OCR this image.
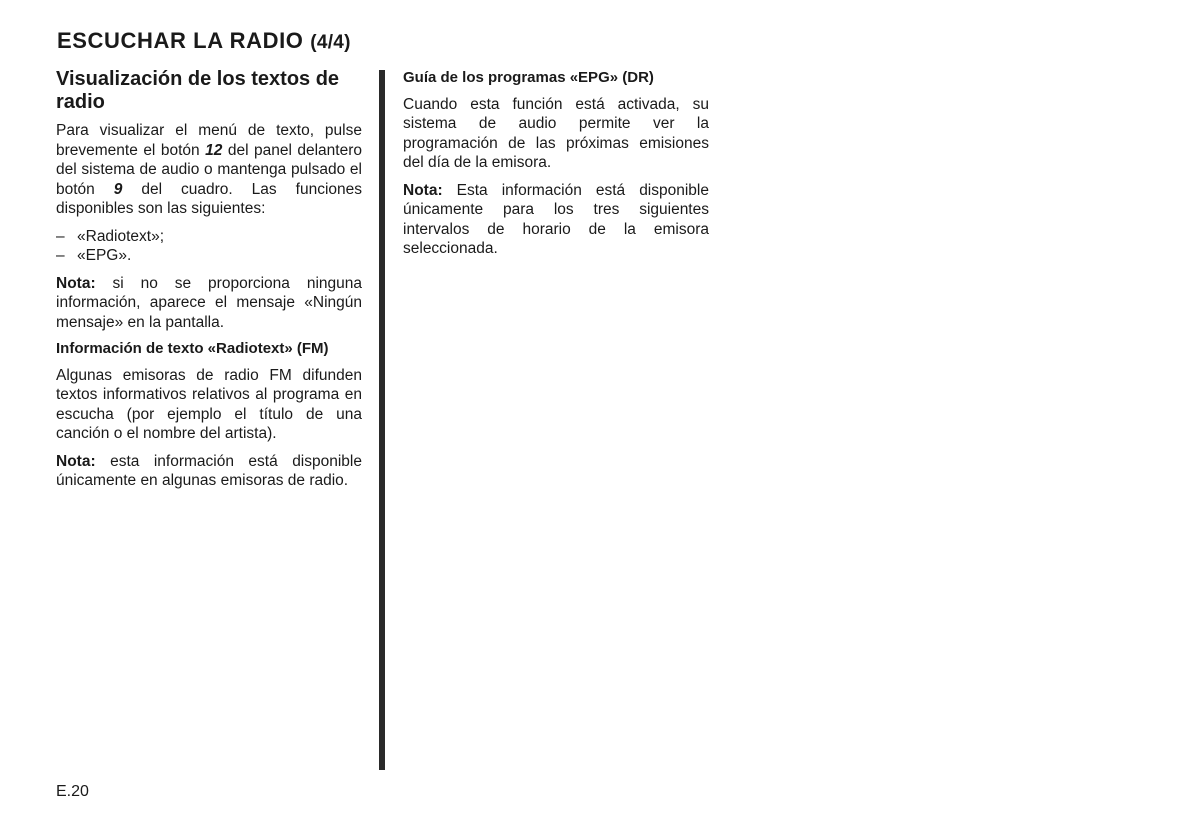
ESCUCHAR LA RADIO (4/4)
Visualización de los textos de radio

Para visualizar el menú de texto, pulse brevemente el botón 12 del panel delantero del sistema de audio o mantenga pulsado el botón 9 del cuadro. Las funciones disponibles son las siguientes:

– «Radiotext»;
– «EPG».

Nota: si no se proporciona ninguna información, aparece el mensaje «Ningún mensaje» en la pantalla.

Información de texto «Radiotext» (FM)

Algunas emisoras de radio FM difunden textos informativos relativos al programa en escucha (por ejemplo el título de una canción o el nombre del artista).

Nota: esta información está disponible únicamente en algunas emisoras de radio.

Guía de los programas «EPG» (DR)

Cuando esta función está activada, su sistema de audio permite ver la programación de las próximas emisiones del día de la emisora.

Nota: Esta información está disponible únicamente para los tres siguientes intervalos de horario de la emisora seleccionada.

E.20
